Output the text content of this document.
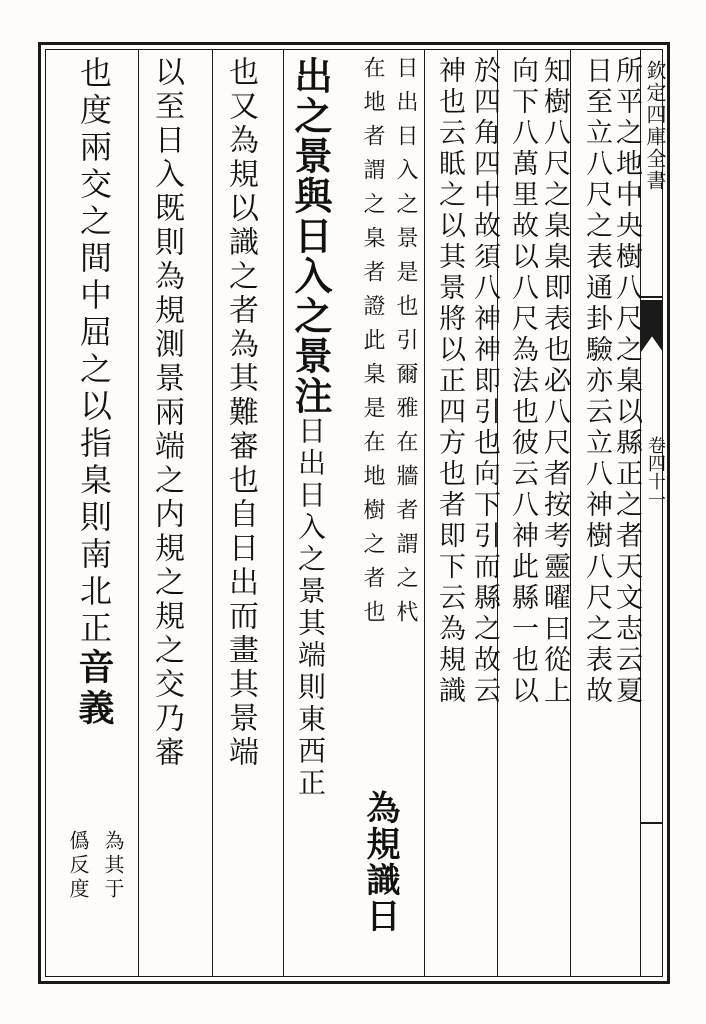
欽定四庫全書
卷四十一
所平之地中央樹八尺之臬以縣正之者天文志云夏
日至立八尺之表通卦驗亦云立八神樹八尺之表故
知樹八尺之臬臬即表也必八尺者按考靈曜曰從上
向下八萬里故以八尺為法也彼云八神此縣一也以
於四角四中故須八神神即引也向下引而縣之故云
神也云眡之以其景將以正四方也者即下云為規識
日出日入之景是也引爾雅在牆者謂之杙
在地者謂之臬者證此臬是在地樹之者也
為規識日
出之景與日入之景注日出日入之景其端則東西正
也又為規以識之者為其難審也自日出而畫其景端
以至日入既則為規測景兩端之内規之規之交乃審
也度兩交之間中屈之以指臬則南北正音義
為其于
僞反度
